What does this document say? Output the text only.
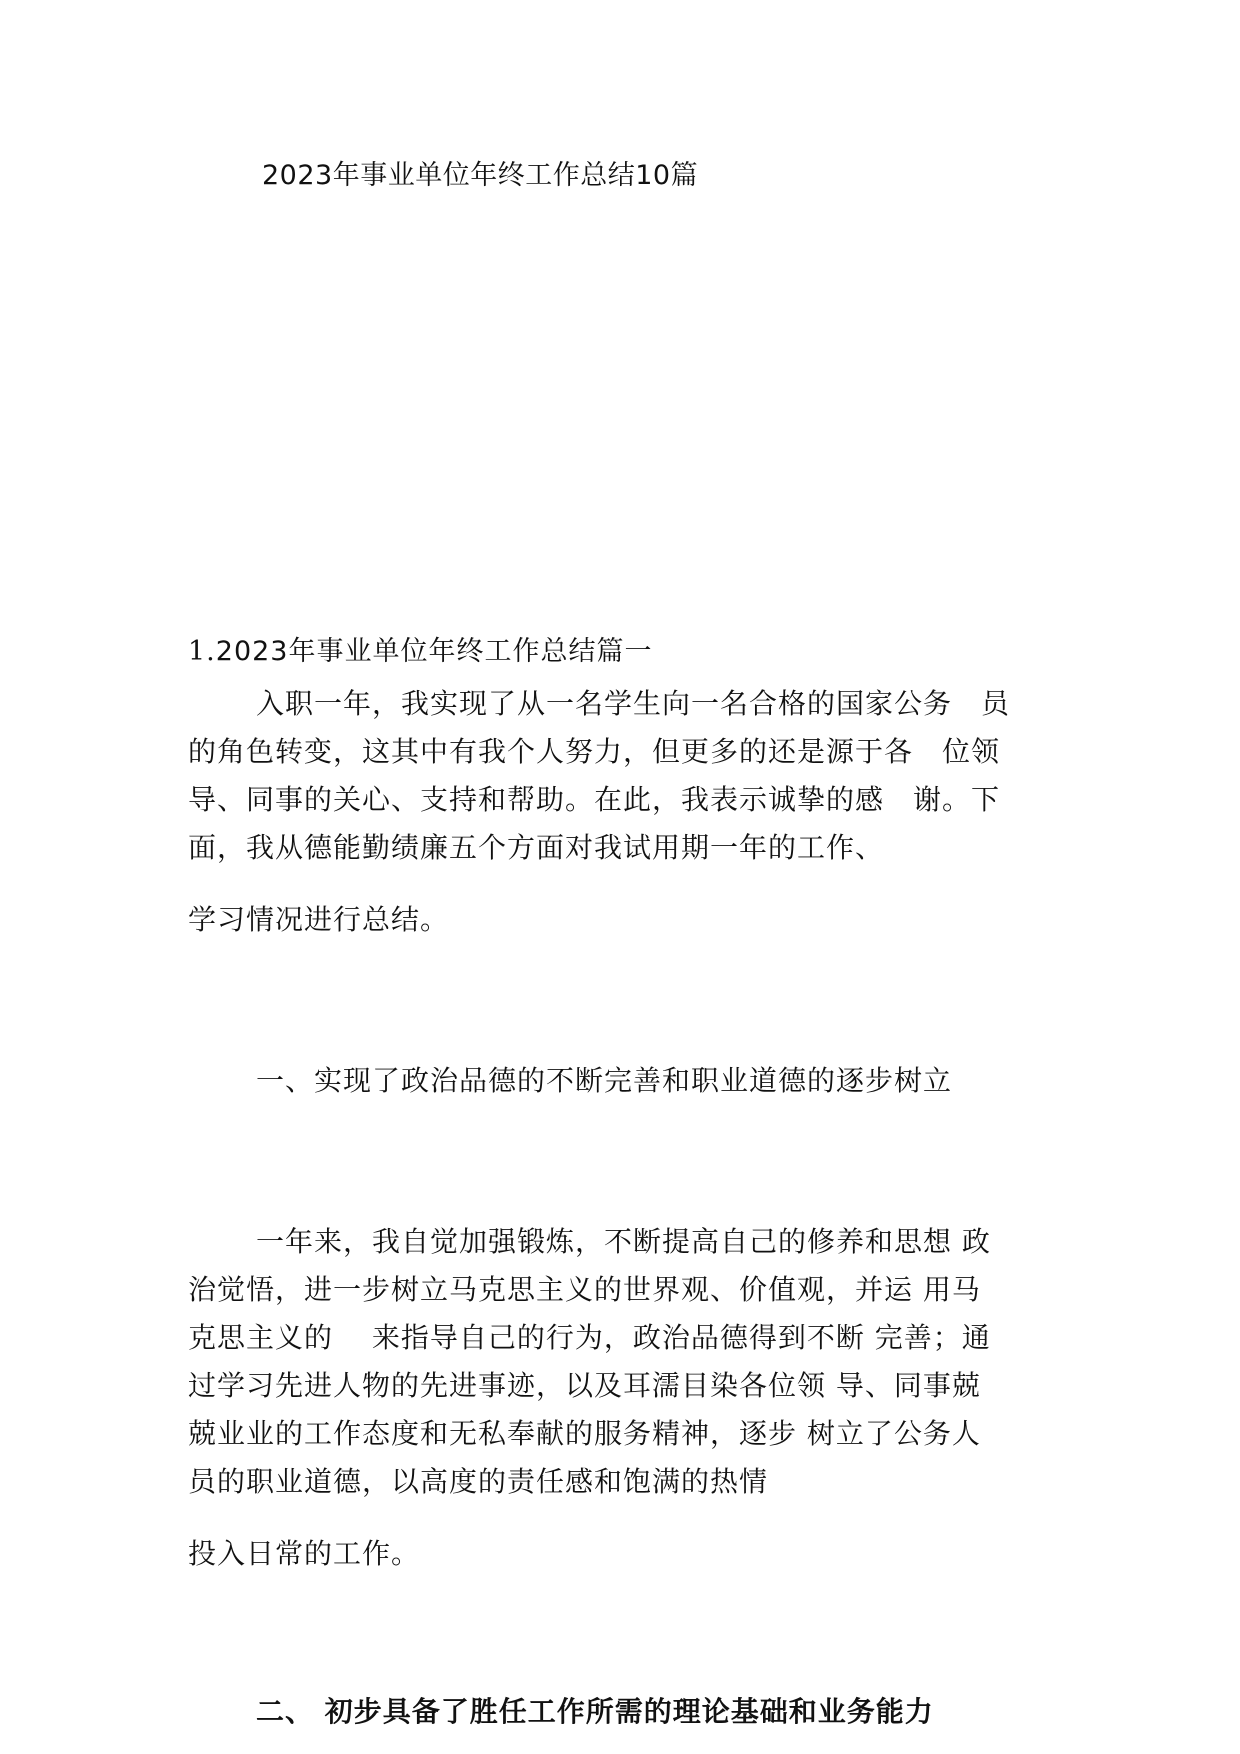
2023年事业单位年终工作总结10篇
1.2023年事业单位年终工作总结篇一
入职一年，我实现了从一名学生向一名合格的国家公务　员
的角色转变，这其中有我个人努力，但更多的还是源于各　位领
导、同事的关心、支持和帮助。在此，我表示诚挚的感　谢。下
面，我从德能勤绩廉五个方面对我试用期一年的工作、
学习情况进行总结。
一、实现了政治品德的不断完善和职业道德的逐步树立
一年来，我自觉加强锻炼，不断提高自己的修养和思想 政
治觉悟，进一步树立马克思主义的世界观、价值观，并运 用马
克思主义的　 来指导自己的行为，政治品德得到不断 完善；通
过学习先进人物的先进事迹，以及耳濡目染各位领 导、同事兢
兢业业的工作态度和无私奉献的服务精神，逐步 树立了公务人
员的职业道德，以高度的责任感和饱满的热情
投入日常的工作。
二、 初步具备了胜任工作所需的理论基础和业务能力
